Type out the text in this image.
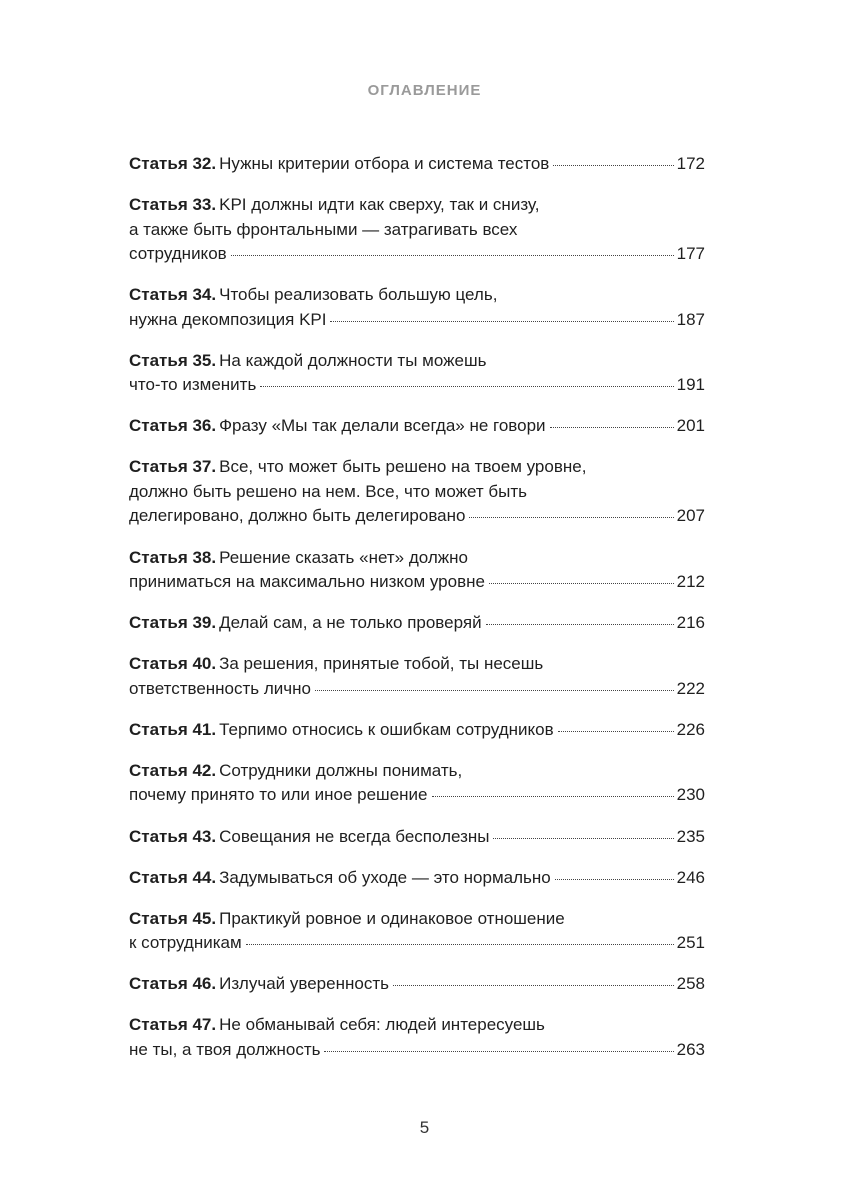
ОГЛАВЛЕНИЕ
Статья 32. Нужны критерии отбора и система тестов	172
Статья 33. KPI должны идти как сверху, так и снизу,
а также быть фронтальными — затрагивать всех
сотрудников	177
Статья 34. Чтобы реализовать большую цель,
нужна декомпозиция KPI	187
Статья 35. На каждой должности ты можешь
что-то изменить	191
Статья 36. Фразу «Мы так делали всегда» не говори	201
Статья 37. Все, что может быть решено на твоем уровне,
должно быть решено на нем. Все, что может быть
делегировано, должно быть делегировано	207
Статья 38. Решение сказать «нет» должно
приниматься на максимально низком уровне	212
Статья 39. Делай сам, а не только проверяй	216
Статья 40. За решения, принятые тобой, ты несешь
ответственность лично	222
Статья 41. Терпимо относись к ошибкам сотрудников	226
Статья 42. Сотрудники должны понимать,
почему принято то или иное решение	230
Статья 43. Совещания не всегда бесполезны	235
Статья 44. Задумываться об уходе — это нормально	246
Статья 45. Практикуй ровное и одинаковое отношение
к сотрудникам	251
Статья 46. Излучай уверенность	258
Статья 47. Не обманывай себя: людей интересуешь
не ты, а твоя должность	263
5
